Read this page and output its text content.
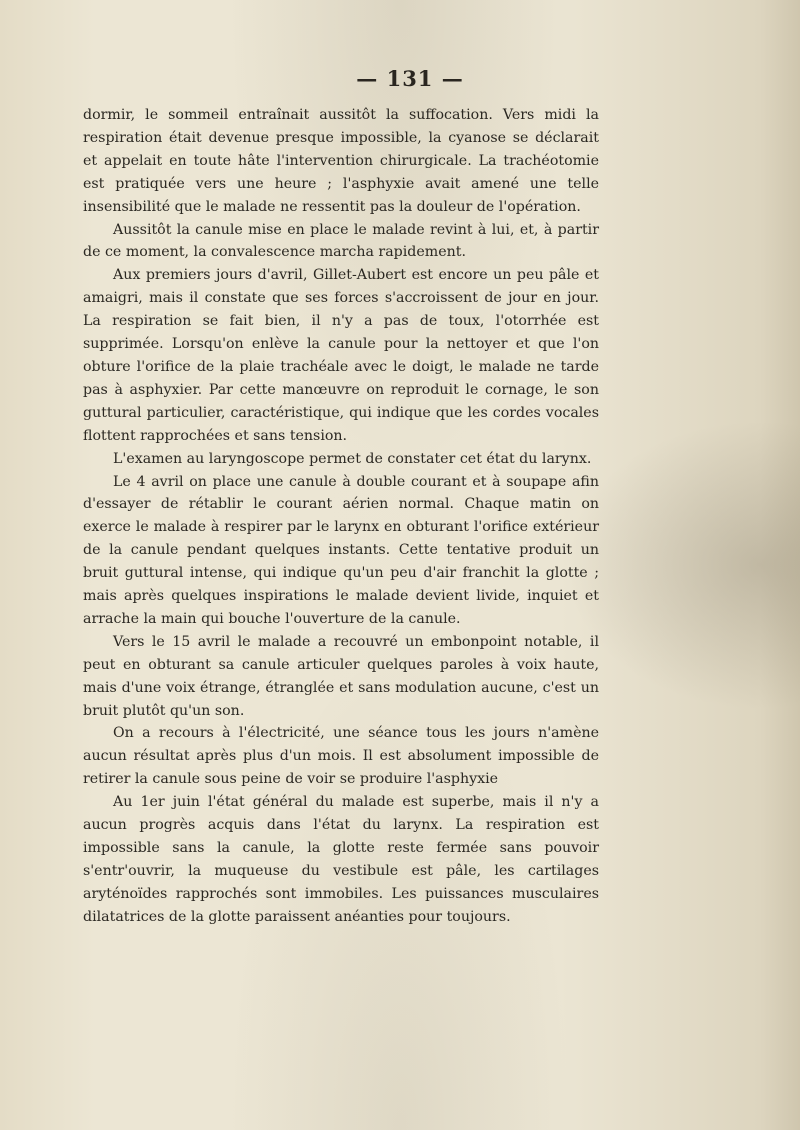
— 131 —

dormir, le sommeil entraînait aussitôt la suffocation. Vers midi la respiration était devenue presque impossible, la cyanose se déclarait et appelait en toute hâte l'intervention chirurgicale. La trachéotomie est pratiquée vers une heure ; l'asphyxie avait amené une telle insensibilité que le malade ne ressentit pas la douleur de l'opération.

Aussitôt la canule mise en place le malade revint à lui, et, à partir de ce moment, la convalescence marcha rapidement.

Aux premiers jours d'avril, Gillet-Aubert est encore un peu pâle et amaigri, mais il constate que ses forces s'accroissent de jour en jour. La respiration se fait bien, il n'y a pas de toux, l'otorrhée est supprimée. Lorsqu'on enlève la canule pour la nettoyer et que l'on obture l'orifice de la plaie trachéale avec le doigt, le malade ne tarde pas à asphyxier. Par cette manœuvre on reproduit le cornage, le son guttural particulier, caractéristique, qui indique que les cordes vocales flottent rapprochées et sans tension.

L'examen au laryngoscope permet de constater cet état du larynx.

Le 4 avril on place une canule à double courant et à soupape afin d'essayer de rétablir le courant aérien normal. Chaque matin on exerce le malade à respirer par le larynx en obturant l'orifice extérieur de la canule pendant quelques instants. Cette tentative produit un bruit guttural intense, qui indique qu'un peu d'air franchit la glotte ; mais après quelques inspirations le malade devient livide, inquiet et arrache la main qui bouche l'ouverture de la canule.

Vers le 15 avril le malade a recouvré un embonpoint notable, il peut en obturant sa canule articuler quelques paroles à voix haute, mais d'une voix étrange, étranglée et sans modulation aucune, c'est un bruit plutôt qu'un son.

On a recours à l'électricité, une séance tous les jours n'amène aucun résultat après plus d'un mois. Il est absolument impossible de retirer la canule sous peine de voir se produire l'asphyxie

Au 1er juin l'état général du malade est superbe, mais il n'y a aucun progrès acquis dans l'état du larynx. La respiration est impossible sans la canule, la glotte reste fermée sans pouvoir s'entr'ouvrir, la muqueuse du vestibule est pâle, les cartilages aryténoïdes rapprochés sont immobiles. Les puissances musculaires dilatatrices de la glotte paraissent anéanties pour toujours.
